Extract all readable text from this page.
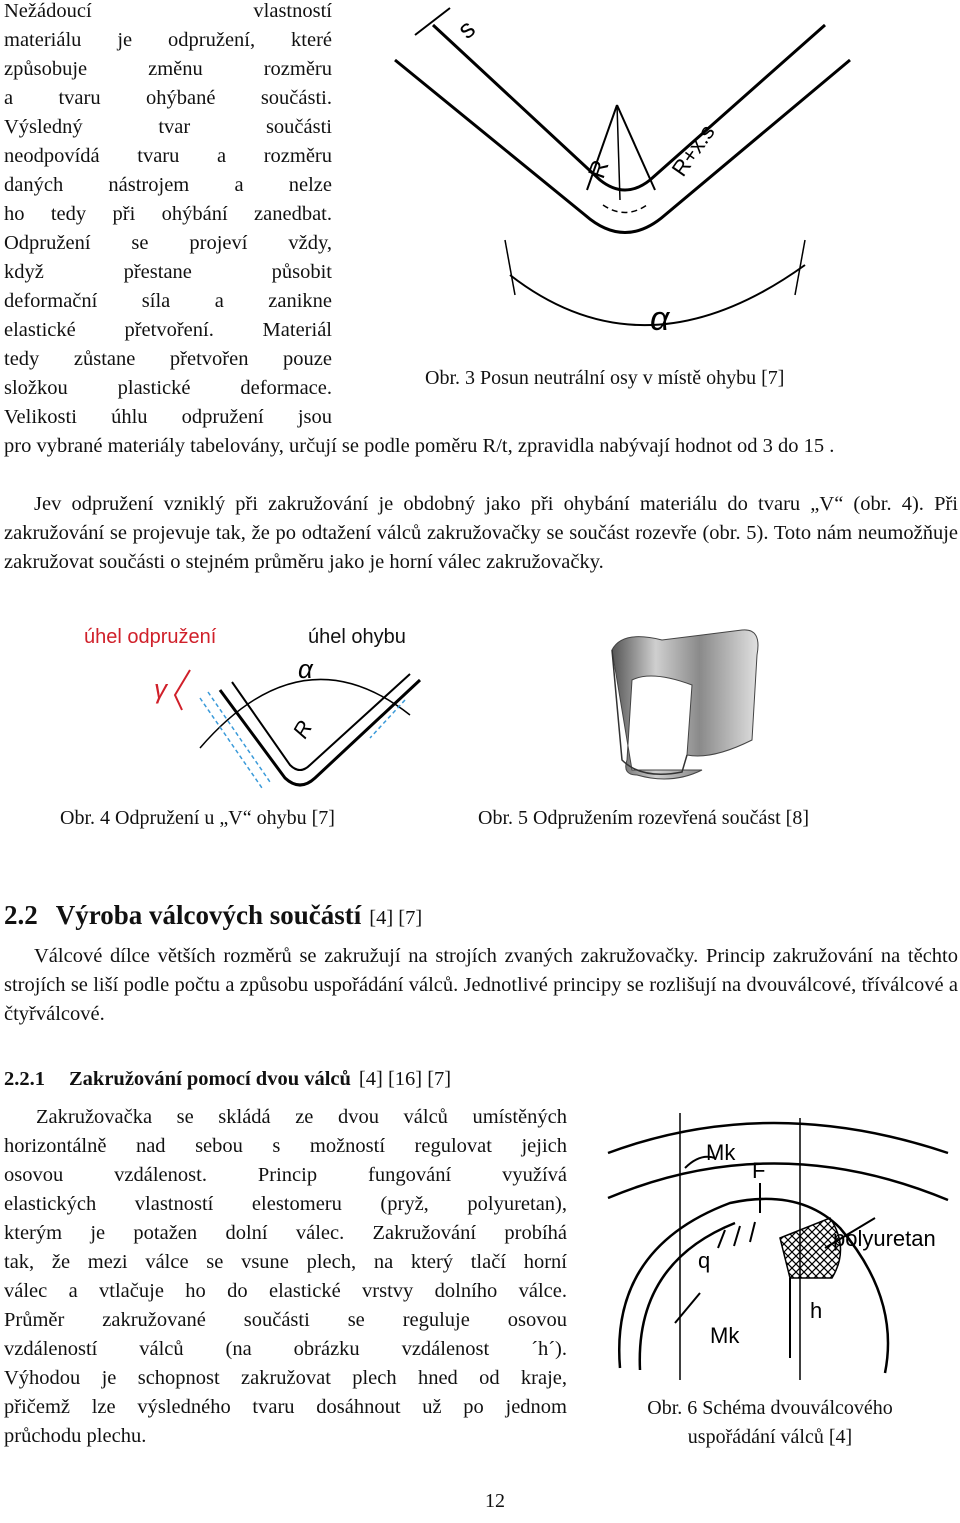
Nežádoucí vlastností
materiálu je odpružení, které
způsobuje změnu rozměru
a tvaru ohýbané součásti.
Výsledný tvar součásti
neodpovídá tvaru a rozměru
daných nástrojem a nelze
ho tedy při ohýbání zanedbat.
Odpružení se projeví vždy,
když přestane působit
deformační síla a zanikne
elastické přetvoření. Materiál
tedy zůstane přetvořen pouze
složkou plastické deformace.
Velikosti úhlu odpružení jsou

s
R R+x.s
α
Obr. 3 Posun neutrální osy v místě ohybu [7]

pro vybrané materiály tabelovány, určují se podle poměru R/t, zpravidla nabývají hodnot od 3 do 15 .

Jev odpružení vzniklý při zakružování je obdobný jako při ohybání materiálu do tvaru „V“ (obr. 4). Při zakružování se projevuje tak, že po odtažení válců zakružovačky se součást rozevře (obr. 5). Toto nám neumožňuje zakružovat součásti o stejném průměru jako je horní válec zakružovačky.

úhel odpružení	úhel ohybu
γ
α
R
Obr. 4 Odpružení u „V“ ohybu [7]	Obr. 5 Odpružením rozevřená součást [8]
2.2 Výroba válcových součástí [4] [7]

Válcové dílce větších rozměrů se zakružují na strojích zvaných zakružovačky. Princip zakružování na těchto strojích se liší podle počtu a způsobu uspořádání válců. Jednotlivé principy se rozlišují na dvouválcové, tříválcové a čtyřválcové.

2.2.1 Zakružování pomocí dvou válců [4] [16] [7]

Zakružovačka se skládá ze dvou válců umístěných
horizontálně nad sebou s možností regulovat jejich
osovou vzdálenost. Princip fungování využívá
elastických vlastností elestomeru (pryž, polyuretan),
kterým je potažen dolní válec. Zakružování probíhá
tak, že mezi válce se vsune plech, na který tlačí horní
válec a vtlačuje ho do elastické vrstvy dolního válce.
Průměr zakružované součásti se reguluje osovou
vzdáleností válců (na obrázku vzdálenost ´h´).
Výhodou je schopnost zakružovat plech hned od kraje,
přičemž lze výsledného tvaru dosáhnout už po jednom
průchodu plechu.

Mk
F
polyuretan
q
h
Mk
Obr. 6 Schéma dvouválcového
uspořádání válců [4]
12
